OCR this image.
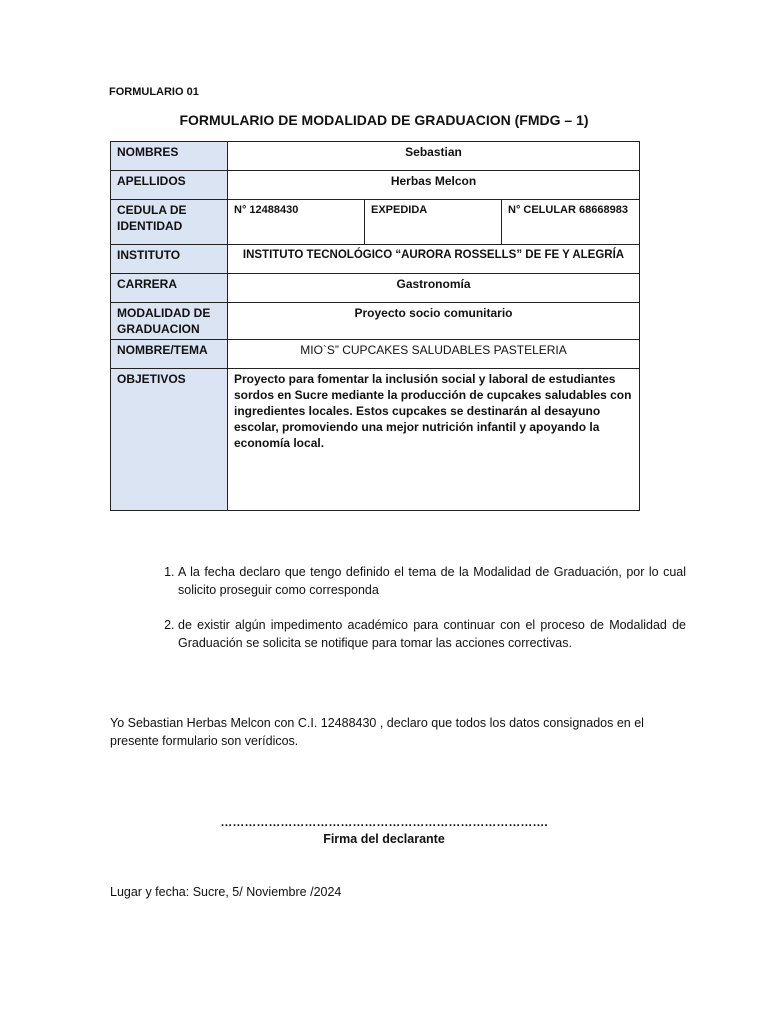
FORMULARIO 01
FORMULARIO DE MODALIDAD DE GRADUACION (FMDG – 1)
NOMBRES	Sebastian		
APELLIDOS	Herbas Melcon		
CEDULA DE IDENTIDAD	N° 12488430	EXPEDIDA	N° CELULAR 68668983
INSTITUTO	INSTITUTO TECNOLÓGICO “AURORA ROSSELLS” DE FE Y ALEGRÍA		
CARRERA	Gastronomía		
MODALIDAD DE GRADUACION	Proyecto socio comunitario		
NOMBRE/TEMA	MIO`S” CUPCAKES SALUDABLES PASTELERIA		
OBJETIVOS	Proyecto para fomentar la inclusión social y laboral de estudiantes sordos en Sucre mediante la producción de cupcakes saludables con ingredientes locales. Estos cupcakes se destinarán al desayuno escolar, promoviendo una mejor nutrición infantil y apoyando la economía local.		
1. A la fecha declaro que tengo definido el tema de la Modalidad de Graduación, por lo cual solicito proseguir como corresponda
2. de existir algún impedimento académico para continuar con el proceso de Modalidad de Graduación se solicita se notifique para tomar las acciones correctivas.
Yo Sebastian Herbas Melcon con C.I. 12488430 , declaro que todos los datos consignados en el presente formulario son verídicos.
……………………………………………………………………….
Firma del declarante
Lugar y fecha: Sucre, 5/ Noviembre /2024
